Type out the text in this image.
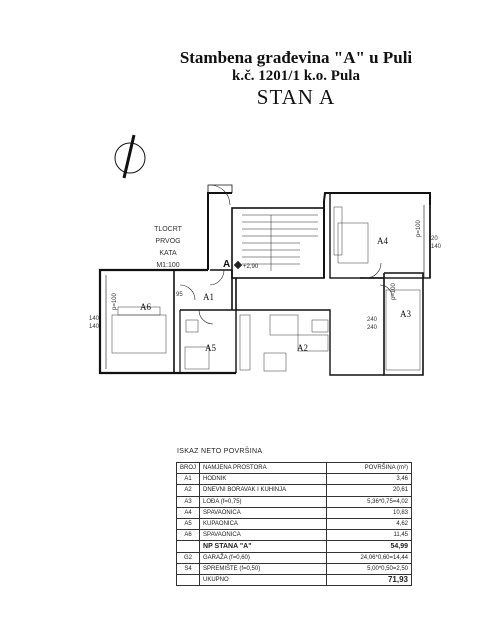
Stambena građevina "A" u Puli
k.č. 1201/1 k.o. Pula
STAN A
TLOCRT
PRVOG
KATA
M1:100	A +2,90
A1
A2
A3
A4
A5
A6
95
140
140
240
240
20
140
p=100
p=100
p=100
ISKAZ NETO POVRŠINA
BROJ	NAMJENA PROSTORA	POVRŠINA (m²)
A1	HODNIK	3,46
A2	DNEVNI BORAVAK I KUHINJA	20,61
A3	LOĐA (f=0,75)	5,36*0,75=4,02
A4	SPAVAONICA	10,83
A5	KUPAONICA	4,62
A6	SPAVAONICA	11,45
	NP STANA "A"	54,99
G2	GARAŽA (f=0,60)	24,06*0,60=14,44
S4	SPREMIŠTE (f=0,50)	5,00*0,50=2,50
	UKUPNO	71,93
